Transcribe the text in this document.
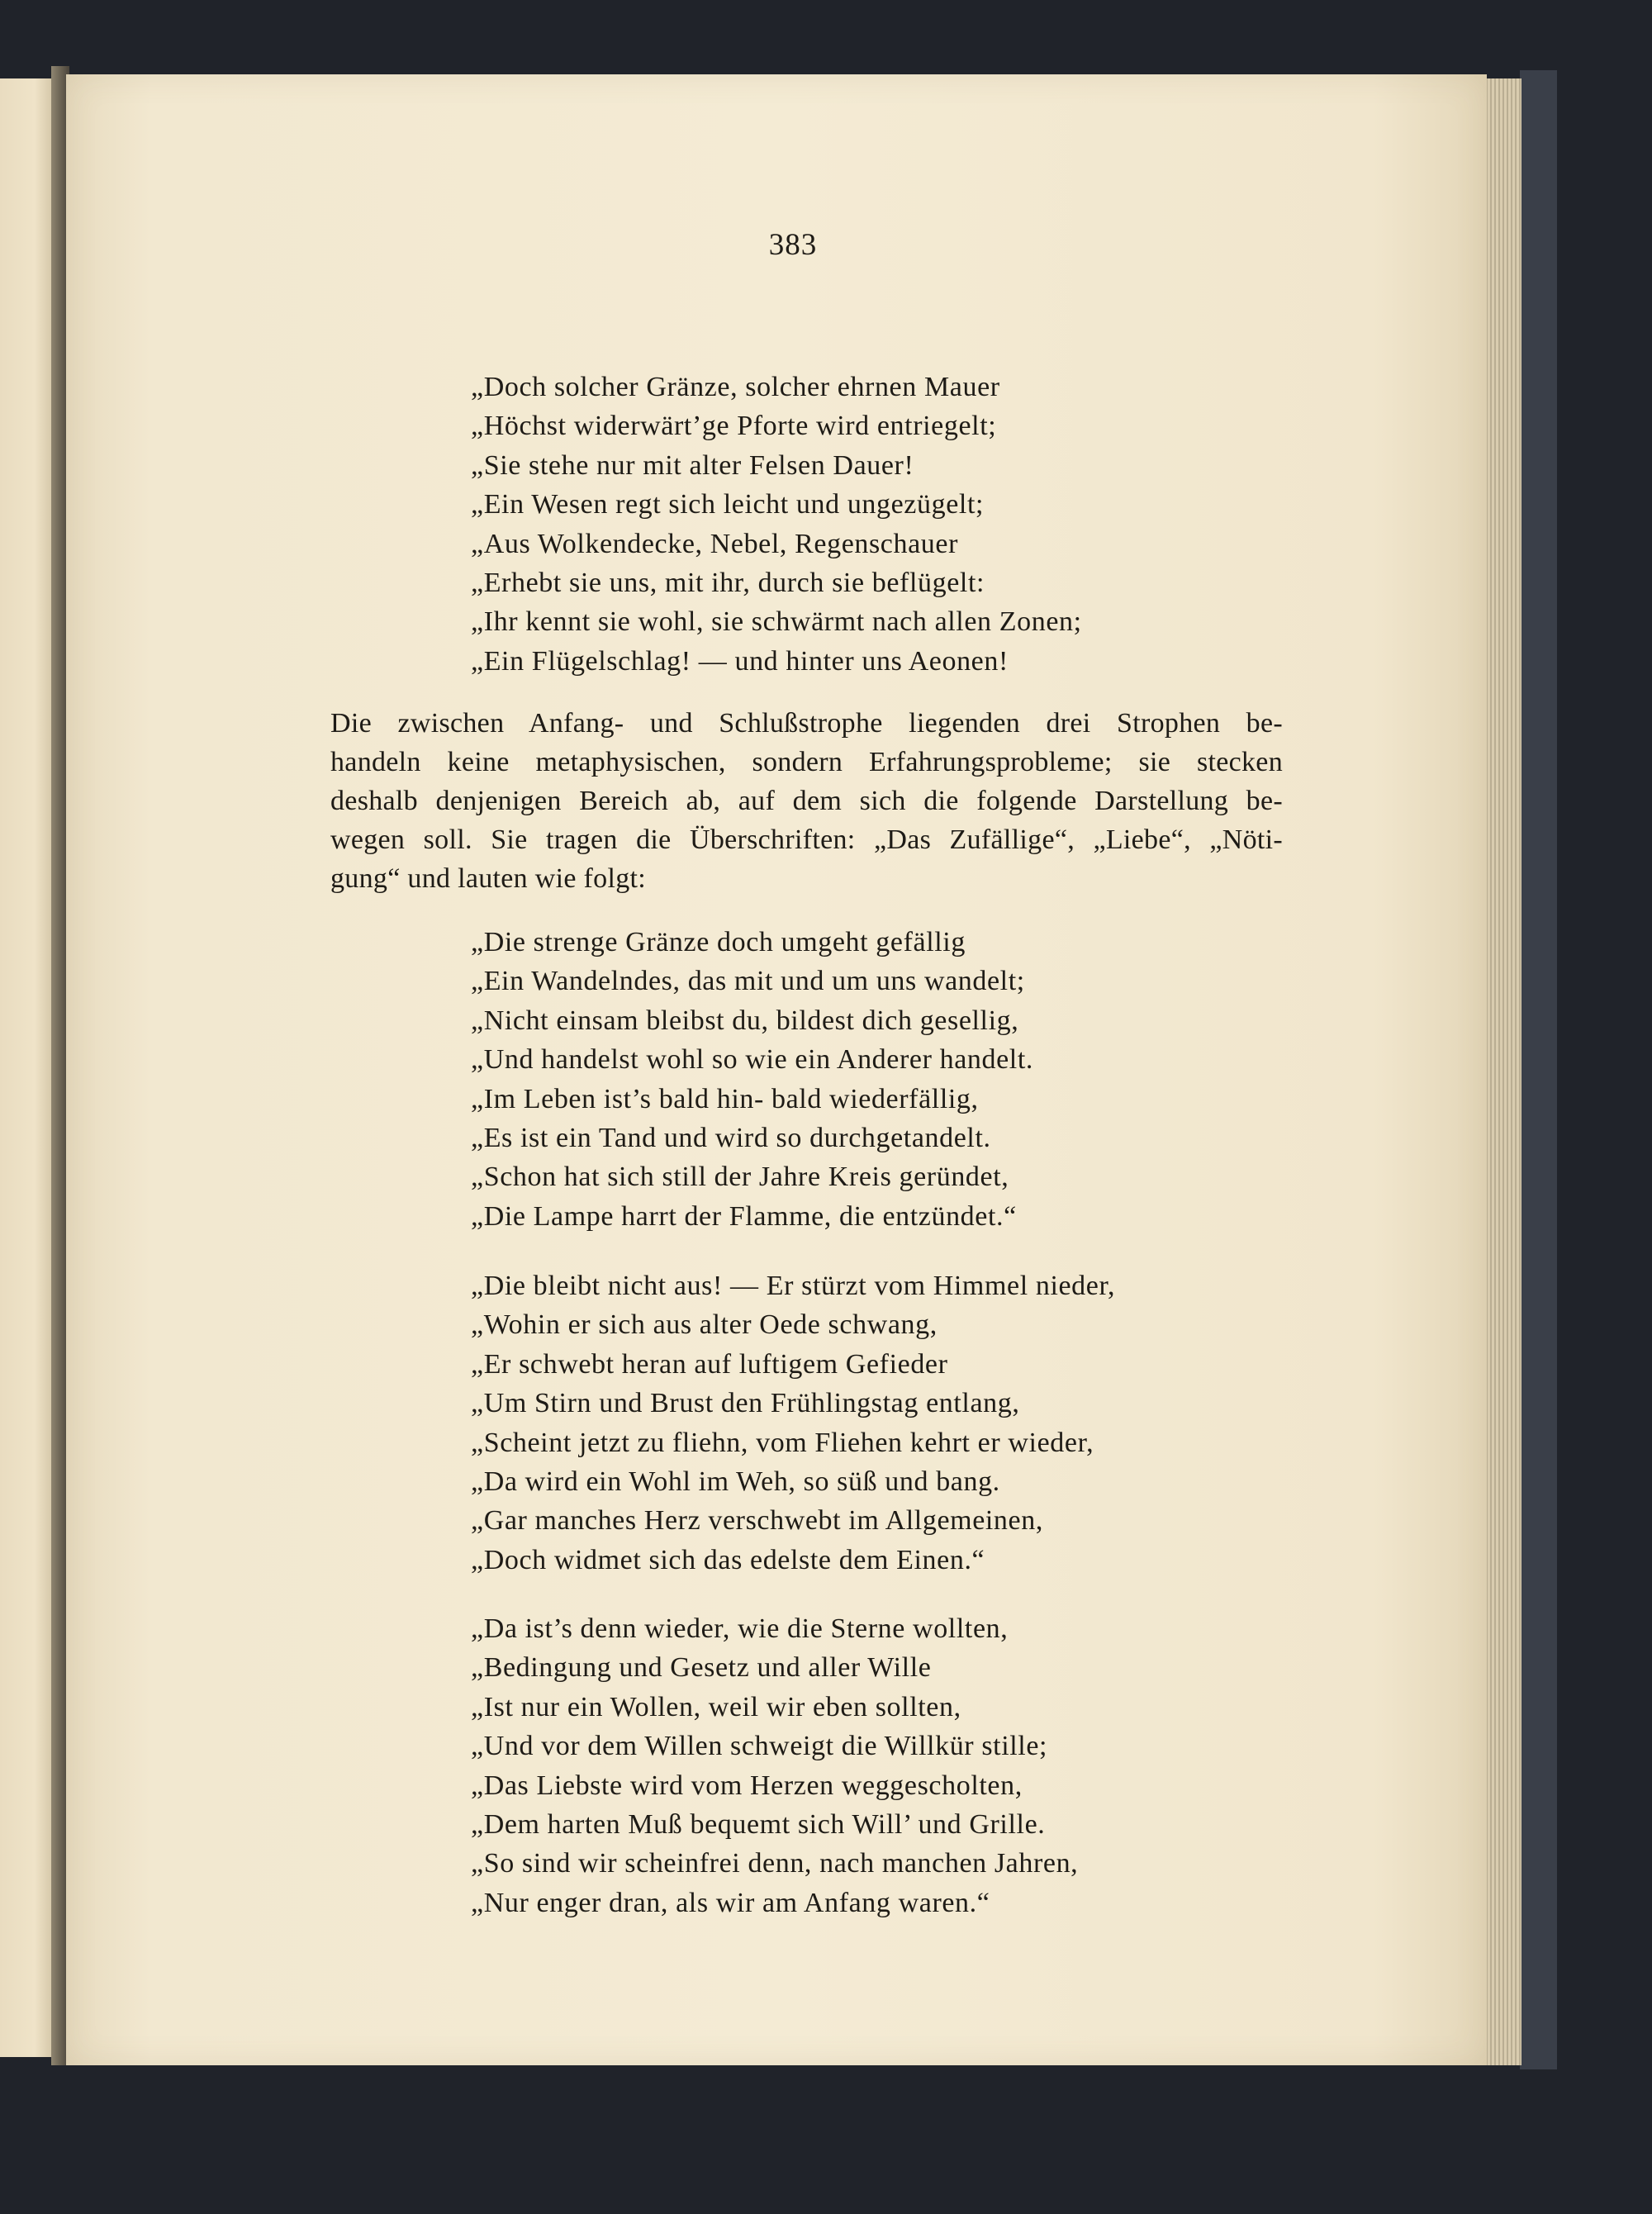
383
„Doch solcher Gränze, solcher ehrnen Mauer
„Höchst widerwärt’ge Pforte wird entriegelt;
„Sie stehe nur mit alter Felsen Dauer!
„Ein Wesen regt sich leicht und ungezügelt;
„Aus Wolkendecke, Nebel, Regenschauer
„Erhebt sie uns, mit ihr, durch sie beflügelt:
„Ihr kennt sie wohl, sie schwärmt nach allen Zonen;
„Ein Flügelschlag! — und hinter uns Aeonen!

Die zwischen Anfang- und Schlußstrophe liegenden drei Strophen be-
handeln keine metaphysischen, sondern Erfahrungsprobleme; sie stecken
deshalb denjenigen Bereich ab, auf dem sich die folgende Darstellung be-
wegen soll. Sie tragen die Überschriften: „Das Zufällige“, „Liebe“, „Nöti-
gung“ und lauten wie folgt:

„Die strenge Gränze doch umgeht gefällig
„Ein Wandelndes, das mit und um uns wandelt;
„Nicht einsam bleibst du, bildest dich gesellig,
„Und handelst wohl so wie ein Anderer handelt.
„Im Leben ist’s bald hin- bald wiederfällig,
„Es ist ein Tand und wird so durchgetandelt.
„Schon hat sich still der Jahre Kreis geründet,
„Die Lampe harrt der Flamme, die entzündet.“
„Die bleibt nicht aus! — Er stürzt vom Himmel nieder,
„Wohin er sich aus alter Oede schwang,
„Er schwebt heran auf luftigem Gefieder
„Um Stirn und Brust den Frühlingstag entlang,
„Scheint jetzt zu fliehn, vom Fliehen kehrt er wieder,
„Da wird ein Wohl im Weh, so süß und bang.
„Gar manches Herz verschwebt im Allgemeinen,
„Doch widmet sich das edelste dem Einen.“
„Da ist’s denn wieder, wie die Sterne wollten,
„Bedingung und Gesetz und aller Wille
„Ist nur ein Wollen, weil wir eben sollten,
„Und vor dem Willen schweigt die Willkür stille;
„Das Liebste wird vom Herzen weggescholten,
„Dem harten Muß bequemt sich Will’ und Grille.
„So sind wir scheinfrei denn, nach manchen Jahren,
„Nur enger dran, als wir am Anfang waren.“
